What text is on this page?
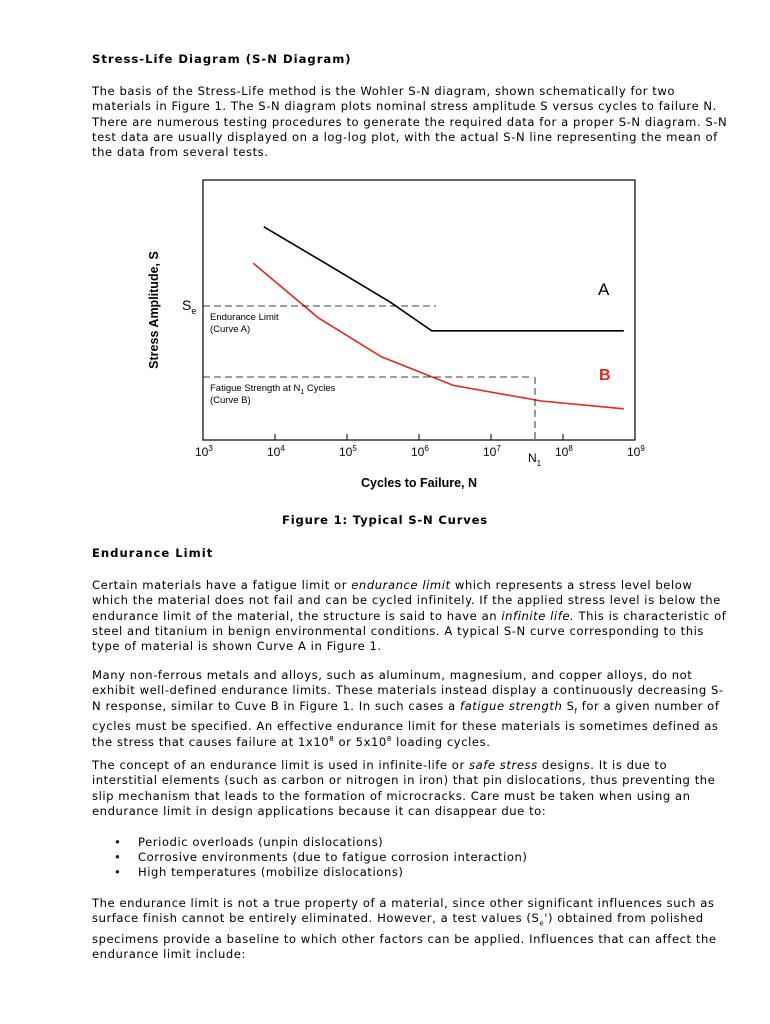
Stress-Life Diagram (S-N Diagram)
The basis of the Stress-Life method is the Wohler S-N diagram, shown schematically for two materials in Figure 1. The S-N diagram plots nominal stress amplitude S versus cycles to failure N. There are numerous testing procedures to generate the required data for a proper S-N diagram. S-N test data are usually displayed on a log-log plot, with the actual S-N line representing the mean of the data from several tests.
$10^3$	$10^4$	$10^5$	$10^6$	$10^7$	$10^8$	$10^9$
$S_e$
Endurance Limit
(Curve A)
Fatigue Strength at $N_1$ Cycles
(Curve B)
A
B
$N_1$
Cycles to Failure, N
Stress Amplitude, S
Figure 1: Typical S-N Curves
Endurance Limit
Certain materials have a fatigue limit or endurance limit which represents a stress level below which the material does not fail and can be cycled infinitely. If the applied stress level is below the endurance limit of the material, the structure is said to have an infinite life. This is characteristic of steel and titanium in benign environmental conditions. A typical S-N curve corresponding to this type of material is shown Curve A in Figure 1.
Many non-ferrous metals and alloys, such as aluminum, magnesium, and copper alloys, do not exhibit well-defined endurance limits. These materials instead display a continuously decreasing S-N response, similar to Cuve B in Figure 1. In such cases a fatigue strength $S_f$ for a given number of cycles must be specified. An effective endurance limit for these materials is sometimes defined as the stress that causes failure at $1x10^8$ or $5x10^8$ loading cycles.
The concept of an endurance limit is used in infinite-life or safe stress designs. It is due to interstitial elements (such as carbon or nitrogen in iron) that pin dislocations, thus preventing the slip mechanism that leads to the formation of microcracks. Care must be taken when using an endurance limit in design applications because it can disappear due to:
• Periodic overloads (unpin dislocations)
• Corrosive environments (due to fatigue corrosion interaction)
• High temperatures (mobilize dislocations)
The endurance limit is not a true property of a material, since other significant influences such as surface finish cannot be entirely eliminated. However, a test values $(S_e')$ obtained from polished specimens provide a baseline to which other factors can be applied. Influences that can affect the endurance limit include:
